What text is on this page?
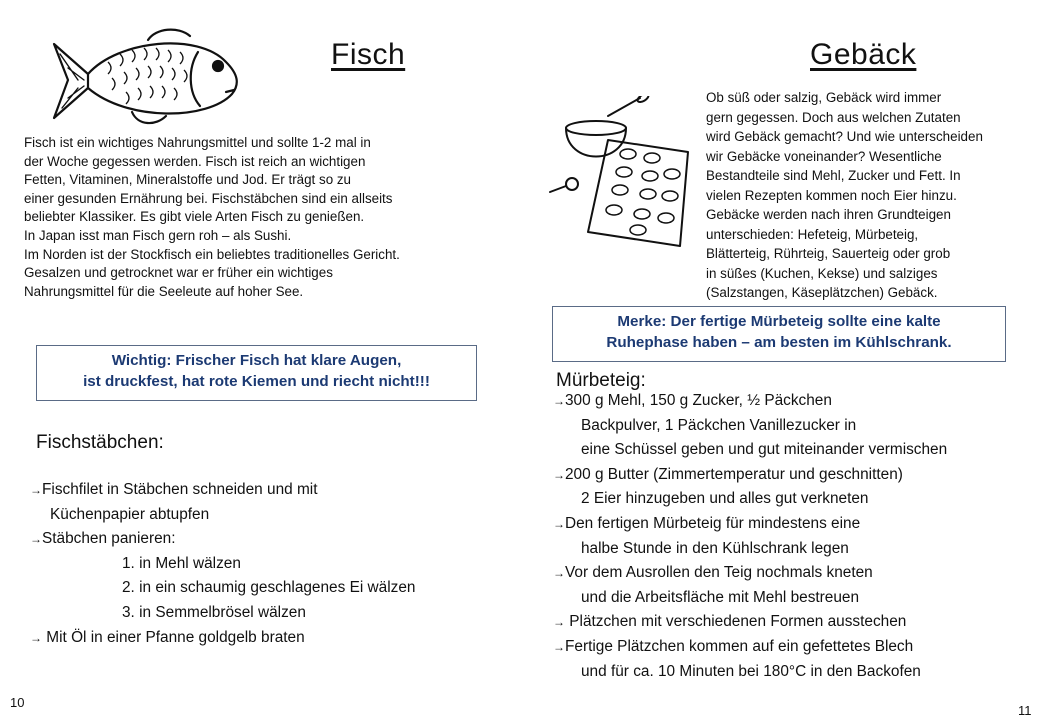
Fisch
Fisch ist ein wichtiges Nahrungsmittel und sollte 1-2 mal in
der Woche gegessen werden. Fisch ist reich an wichtigen
Fetten, Vitaminen, Mineralstoffe und Jod. Er trägt so zu
einer gesunden Ernährung bei. Fischstäbchen sind ein allseits
beliebter Klassiker. Es gibt viele Arten Fisch zu genießen.
In Japan isst man Fisch gern roh – als Sushi.
Im Norden ist der Stockfisch ein beliebtes traditionelles Gericht.
Gesalzen und getrocknet war er früher ein wichtiges
Nahrungsmittel für die Seeleute auf hoher See.
Wichtig: Frischer Fisch hat klare Augen,
ist druckfest, hat rote Kiemen und riecht nicht!!!
Fischstäbchen:
→Fischfilet in Stäbchen schneiden und mit
Küchenpapier abtupfen
→Stäbchen panieren:
1. in Mehl wälzen
2. in ein schaumig geschlagenes Ei wälzen
3. in Semmelbrösel wälzen
→ Mit Öl in einer Pfanne goldgelb braten
10
Gebäck
Ob süß oder salzig, Gebäck wird immer
gern gegessen. Doch aus welchen Zutaten
wird Gebäck gemacht? Und wie unterscheiden
wir Gebäcke voneinander? Wesentliche
Bestandteile sind Mehl, Zucker und Fett. In
vielen Rezepten kommen noch Eier hinzu.
Gebäcke werden nach ihren Grundteigen
unterschieden: Hefeteig, Mürbeteig,
Blätterteig, Rührteig, Sauerteig oder grob
in süßes (Kuchen, Kekse) und salziges
(Salzstangen, Käseplätzchen) Gebäck.
Merke: Der fertige Mürbeteig sollte eine kalte
Ruhephase haben – am besten im Kühlschrank.
Mürbeteig:
→300 g Mehl, 150 g Zucker, ½ Päckchen
Backpulver, 1 Päckchen Vanillezucker in
eine Schüssel geben und gut miteinander vermischen
→200 g Butter (Zimmertemperatur und geschnitten)
2 Eier hinzugeben und alles gut verkneten
→Den fertigen Mürbeteig für mindestens eine
halbe Stunde in den Kühlschrank legen
→Vor dem Ausrollen den Teig nochmals kneten
und die Arbeitsfläche mit Mehl bestreuen
→ Plätzchen mit verschiedenen Formen ausstechen
→Fertige Plätzchen kommen auf ein gefettetes Blech
und für ca. 10 Minuten bei 180°C in den Backofen
11
